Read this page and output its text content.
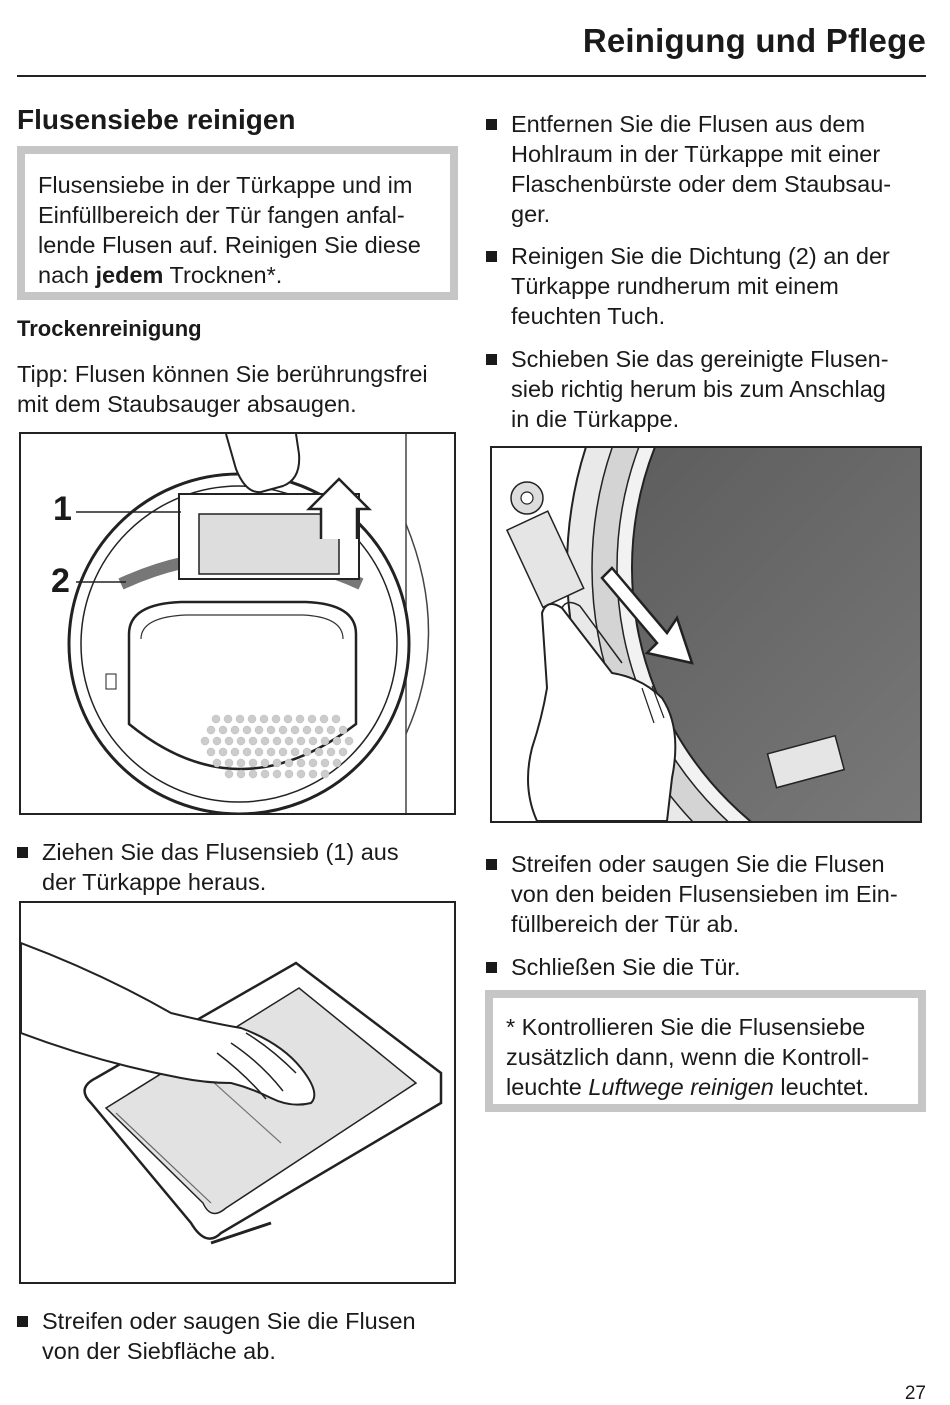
Reinigung und Pflege
Flusensiebe reinigen
Flusensiebe in der Türkappe und im
Einfüllbereich der Tür fangen anfal-
lende Flusen auf. Reinigen Sie diese
nach jedem Trocknen*.
Trockenreinigung
Tipp: Flusen können Sie berührungsfrei
mit dem Staubsauger absaugen.
1
2
Ziehen Sie das Flusensieb (1) aus
der Türkappe heraus.
Streifen oder saugen Sie die Flusen
von der Siebfläche ab.
Entfernen Sie die Flusen aus dem
Hohlraum in der Türkappe mit einer
Flaschenbürste oder dem Staubsau-
ger.
Reinigen Sie die Dichtung (2) an der
Türkappe rundherum mit einem
feuchten Tuch.
Schieben Sie das gereinigte Flusen-
sieb richtig herum bis zum Anschlag
in die Türkappe.
Streifen oder saugen Sie die Flusen
von den beiden Flusensieben im Ein-
füllbereich der Tür ab.
Schließen Sie die Tür.
* Kontrollieren Sie die Flusensiebe
zusätzlich dann, wenn die Kontroll-
leuchte Luftwege reinigen leuchtet.
27
